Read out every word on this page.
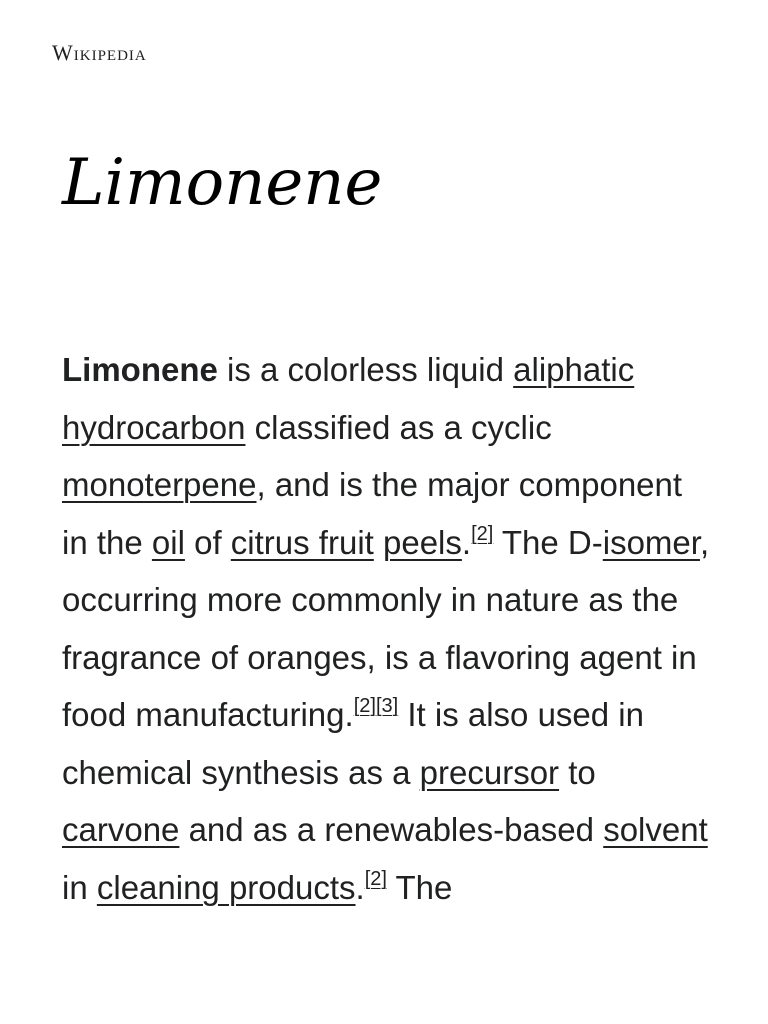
Wikipedia
Limonene

Limonene is a colorless liquid aliphatic hydrocarbon classified as a cyclic monoterpene, and is the major component in the oil of citrus fruit peels.[2] The D-isomer, occurring more commonly in nature as the fragrance of oranges, is a flavoring agent in food manufacturing.[2][3] It is also used in chemical synthesis as a precursor to carvone and as a renewables-based solvent in cleaning products.[2] The
